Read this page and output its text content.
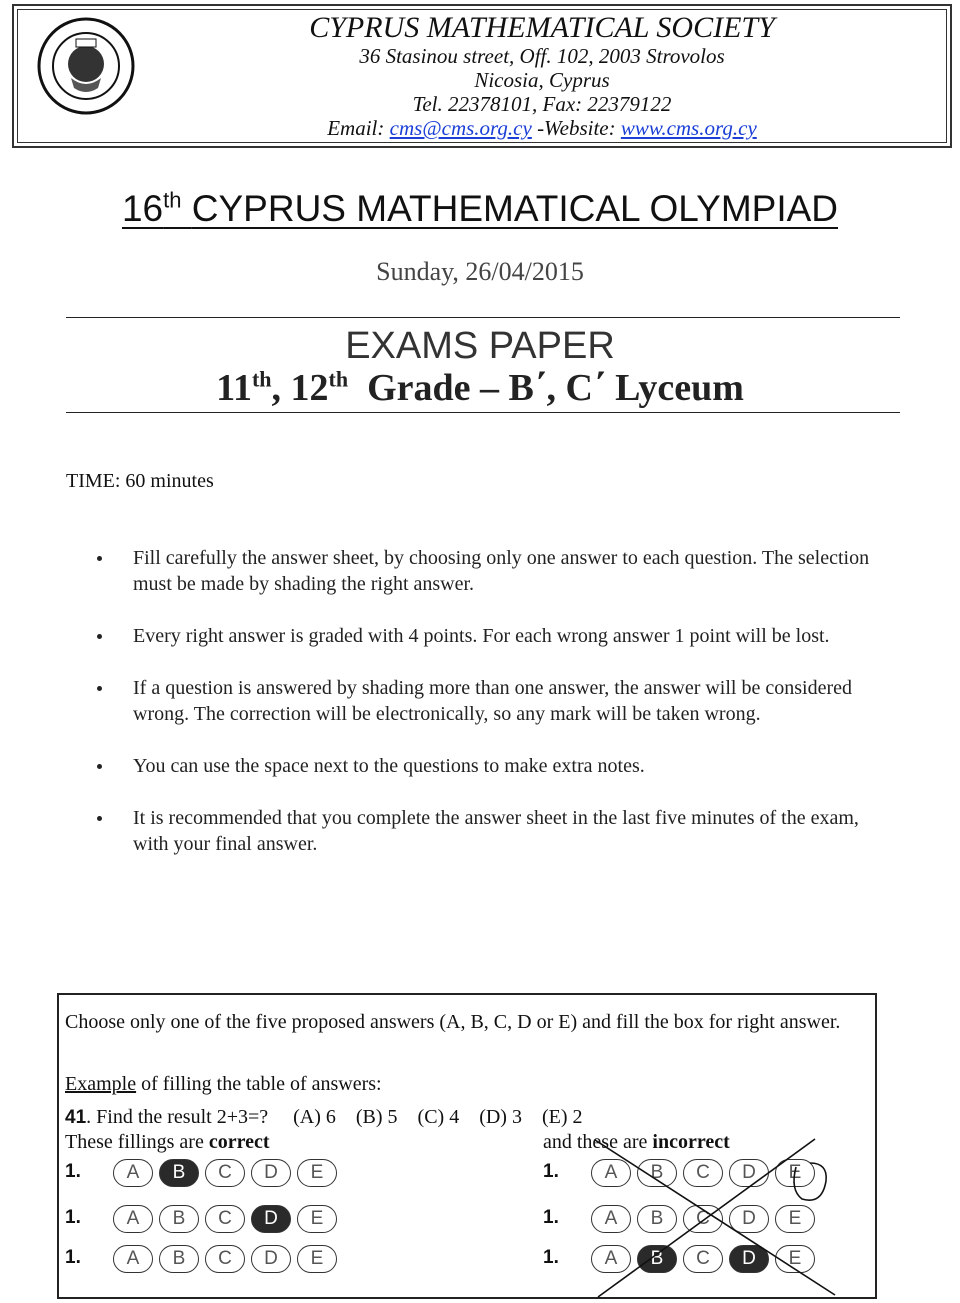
CYPRUS MATHEMATICAL SOCIETY
36 Stasinou street, Off. 102, 2003 Strovolos
Nicosia, Cyprus
Tel. 22378101, Fax: 22379122
Email: cms@cms.org.cy -Website: www.cms.org.cy
16th CYPRUS MATHEMATICAL OLYMPIAD
Sunday, 26/04/2015
EXAMS PAPER
11th, 12th  Grade – B΄, C΄ Lyceum
TIME: 60 minutes
Fill carefully the answer sheet, by choosing only one answer to each question. The selection must be made by shading the right answer.
Every right answer is graded with 4 points. For each wrong answer 1 point will be lost.
If a question is answered by shading more than one answer, the answer will be considered wrong. The correction will be electronically, so any mark will be taken wrong.
You can use the space next to the questions to make extra notes.
It is recommended that you complete the answer sheet in the last five minutes of the exam, with your final answer.
Choose only one of the five proposed answers (A, B, C, D or E) and fill the box for right answer.
Example of filling the table of answers:
41. Find the result 2+3=?     (A) 6    (B) 5    (C) 4    (D) 3    (E) 2
These fillings are correct	and these are incorrect
1.	A	B	C	D	E
1.	A	B	C	D	E
1.	A	B	C	D	E
1.	A	B	C	D	E
1.	A	B	C	D	E
1.	A	B	C	D	E
